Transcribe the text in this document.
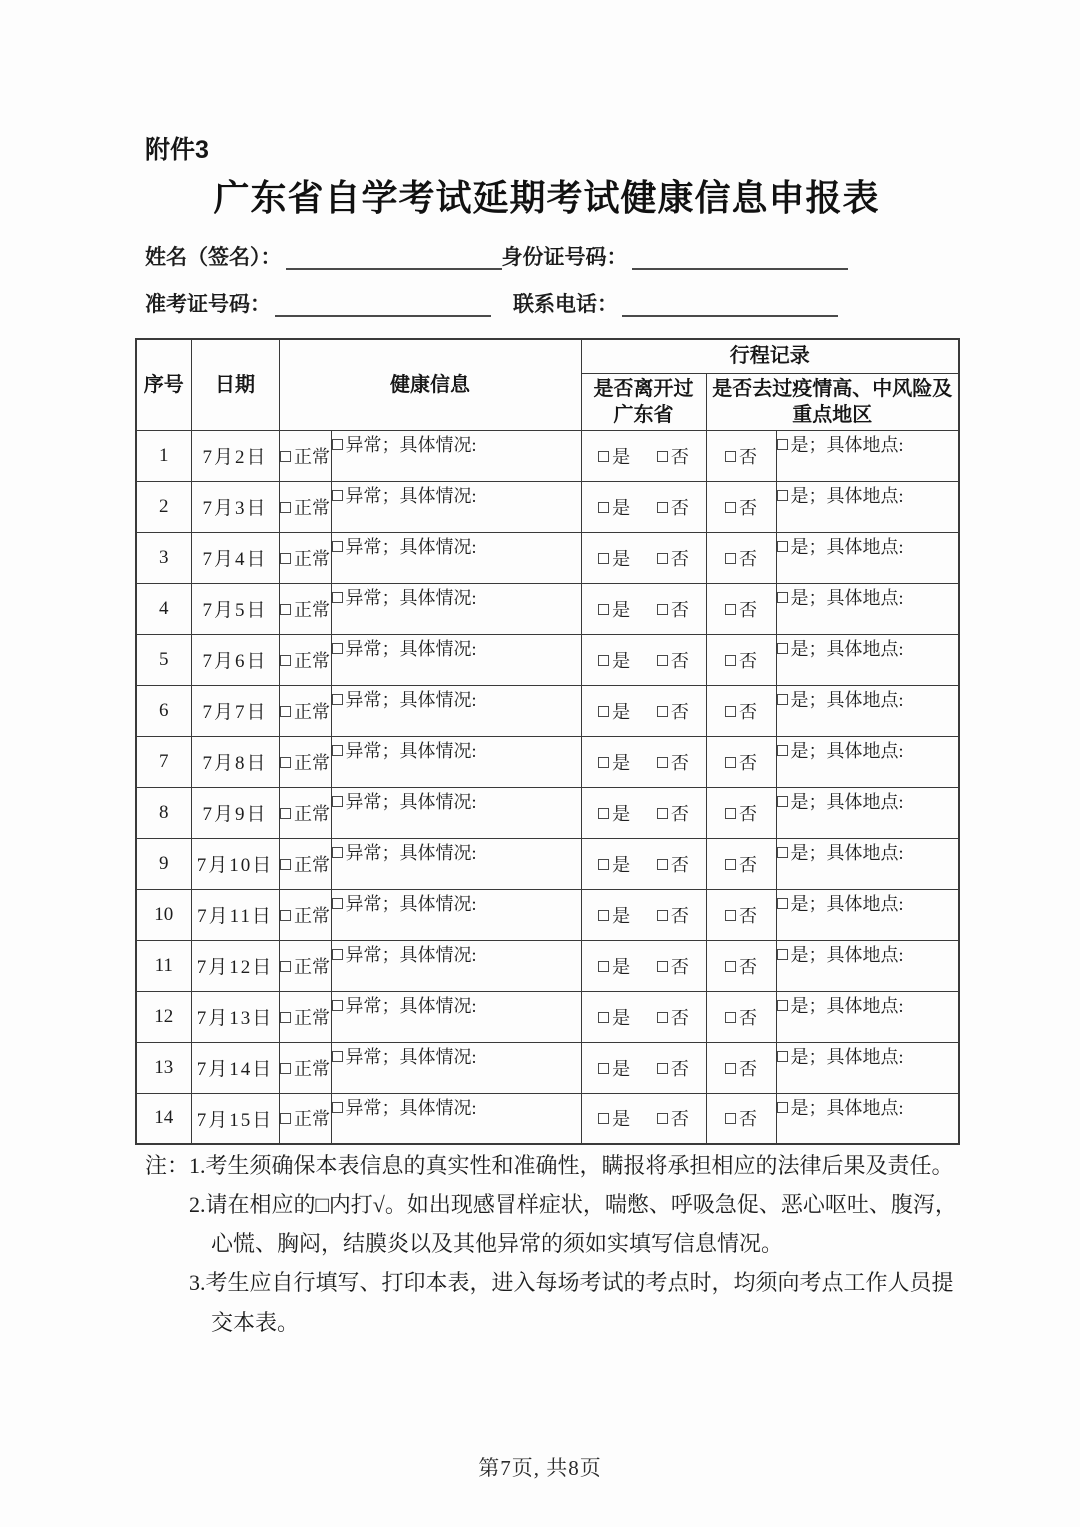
附件3
广东省自学考试延期考试健康信息申报表
姓名（签名）：	身份证号码：
准考证号码：	联系电话：
序号	日期	健康信息		行程记录		
				是否离开过广东省	是否去过疫情高、中风险及重点地区	
1	7月2日	正常	异常；具体情况:	是 否	否	是；具体地点:
2	7月3日	正常	异常；具体情况:	是 否	否	是；具体地点:
3	7月4日	正常	异常；具体情况:	是 否	否	是；具体地点:
4	7月5日	正常	异常；具体情况:	是 否	否	是；具体地点:
5	7月6日	正常	异常；具体情况:	是 否	否	是；具体地点:
6	7月7日	正常	异常；具体情况:	是 否	否	是；具体地点:
7	7月8日	正常	异常；具体情况:	是 否	否	是；具体地点:
8	7月9日	正常	异常；具体情况:	是 否	否	是；具体地点:
9	7月10日	正常	异常；具体情况:	是 否	否	是；具体地点:
10	7月11日	正常	异常；具体情况:	是 否	否	是；具体地点:
11	7月12日	正常	异常；具体情况:	是 否	否	是；具体地点:
12	7月13日	正常	异常；具体情况:	是 否	否	是；具体地点:
13	7月14日	正常	异常；具体情况:	是 否	否	是；具体地点:
14	7月15日	正常	异常；具体情况:	是 否	否	是；具体地点:
注： 1.考生须确保本表信息的真实性和准确性，瞒报将承担相应的法律后果及责任。
2.请在相应的□内打√。如出现感冒样症状，喘憋、呼吸急促、恶心呕吐、腹泻，心慌、胸闷，结膜炎以及其他异常的须如实填写信息情况。
3.考生应自行填写、打印本表，进入每场考试的考点时，均须向考点工作人员提交本表。
第7页, 共8页
